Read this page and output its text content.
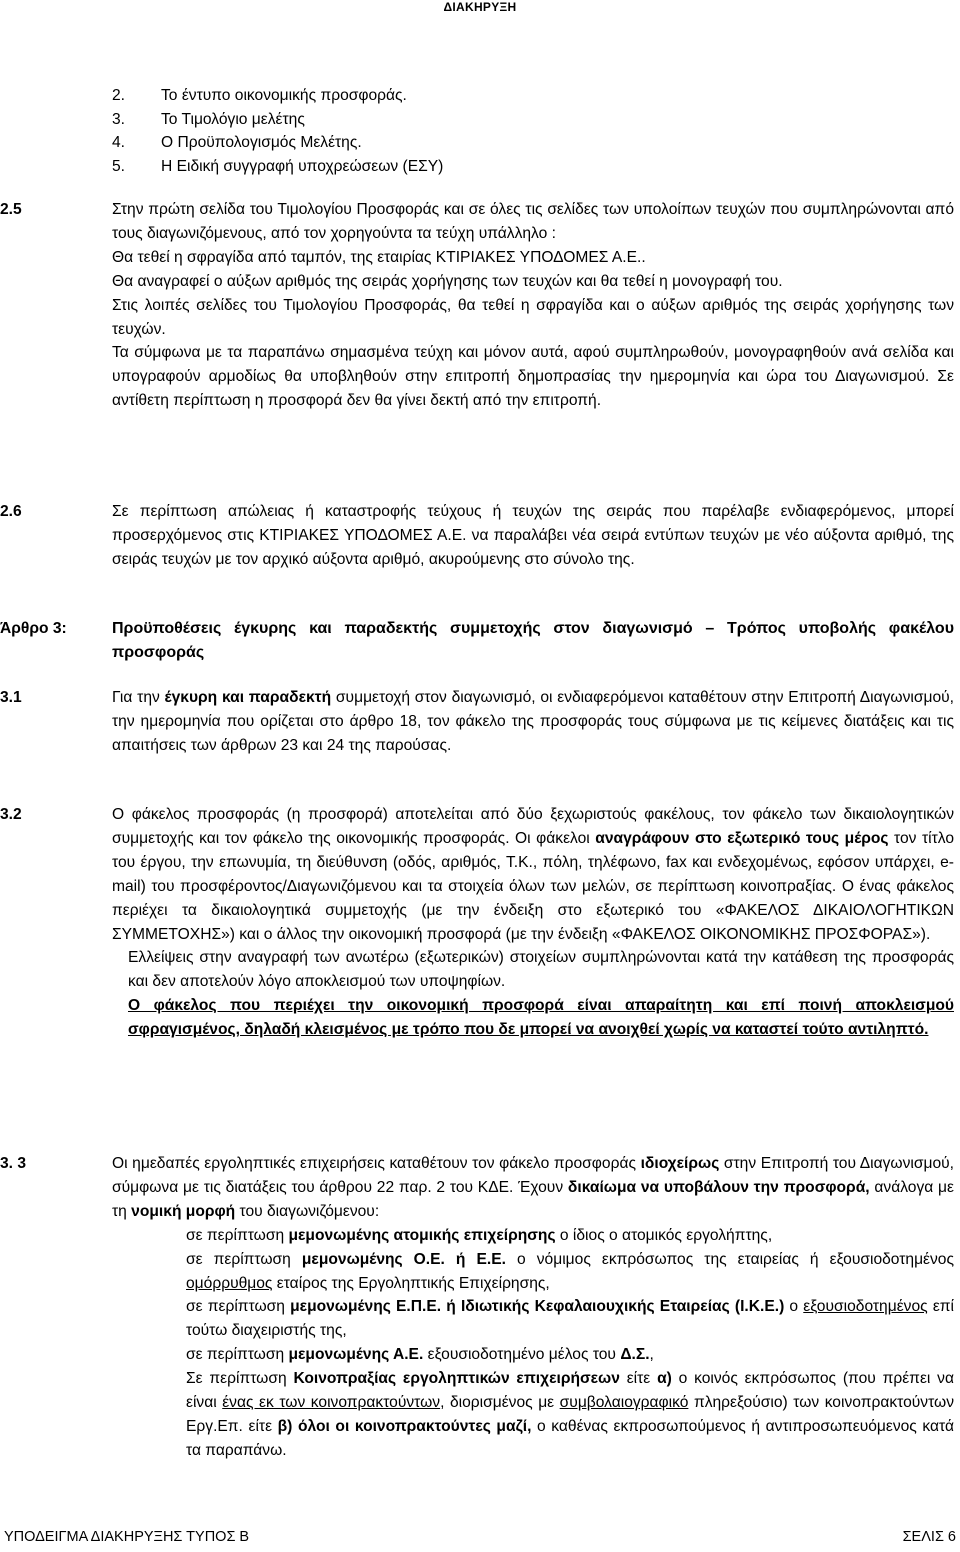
ΔΙΑΚΗΡΥΞΗ
2. Το έντυπο οικονομικής προσφοράς.
3. Το Τιμολόγιο μελέτης
4. Ο Προϋπολογισμός Μελέτης.
5. Η Ειδική συγγραφή υποχρεώσεων (ΕΣΥ)
2.5	Στην πρώτη σελίδα του Τιμολογίου Προσφοράς και σε όλες τις σελίδες των υπολοίπων τευχών που συμπληρώνονται από τους διαγωνιζόμενους, από τον χορηγούντα τα τεύχη υπάλληλο :

Θα τεθεί η σφραγίδα από ταμπόν, της εταιρίας ΚΤΙΡΙΑΚΕΣ ΥΠΟΔΟΜΕΣ Α.Ε..

Θα αναγραφεί ο αύξων αριθμός της σειράς χορήγησης των τευχών και θα τεθεί η μονογραφή του.

Στις λοιπές σελίδες του Τιμολογίου Προσφοράς, θα τεθεί η σφραγίδα και ο αύξων αριθμός της σειράς χορήγησης των τευχών.

Τα σύμφωνα με τα παραπάνω σημασμένα τεύχη και μόνον αυτά, αφού συμπληρωθούν, μονογραφηθούν ανά σελίδα και υπογραφούν αρμοδίως θα υποβληθούν στην επιτροπή δημοπρασίας την ημερομηνία και ώρα του Διαγωνισμού. Σε αντίθετη περίπτωση η προσφορά δεν θα γίνει δεκτή από την επιτροπή.

2.6	Σε περίπτωση απώλειας ή καταστροφής τεύχους ή τευχών της σειράς που παρέλαβε ενδιαφερόμενος, μπορεί προσερχόμενος στις ΚΤΙΡΙΑΚΕΣ ΥΠΟΔΟΜΕΣ Α.Ε. να παραλάβει νέα σειρά εντύπων τευχών με νέο αύξοντα αριθμό, της σειράς τευχών με τον αρχικό αύξοντα αριθμό, ακυρούμενης στο σύνολο της.

Άρθρο 3:	Προϋποθέσεις έγκυρης και παραδεκτής συμμετοχής στον διαγωνισμό – Τρόπος υποβολής φακέλου προσφοράς
3.1	Για την έγκυρη και παραδεκτή συμμετοχή στον διαγωνισμό, οι ενδιαφερόμενοι καταθέτουν στην Επιτροπή Διαγωνισμού, την ημερομηνία που ορίζεται στο άρθρο 18, τον φάκελο της προσφοράς τους σύμφωνα με τις κείμενες διατάξεις και τις απαιτήσεις των άρθρων 23 και 24 της παρούσας.

3.2	Ο φάκελος προσφοράς (η προσφορά) αποτελείται από δύο ξεχωριστούς φακέλους, τον φάκελο των δικαιολογητικών συμμετοχής και τον φάκελο της οικονομικής προσφοράς. Οι φάκελοι αναγράφουν στο εξωτερικό τους μέρος τον τίτλο του έργου, την επωνυμία, τη διεύθυνση (οδός, αριθμός, Τ.Κ., πόλη, τηλέφωνο, fax και ενδεχομένως, εφόσον υπάρχει, e-mail) του προσφέροντος/Διαγωνιζόμενου και τα στοιχεία όλων των μελών, σε περίπτωση κοινοπραξίας. Ο ένας φάκελος περιέχει τα δικαιολογητικά συμμετοχής (με την ένδειξη στο εξωτερικό του «ΦΑΚΕΛΟΣ ΔΙΚΑΙΟΛΟΓΗΤΙΚΩΝ ΣΥΜΜΕΤΟΧΗΣ») και ο άλλος την οικονομική προσφορά (με την ένδειξη «ΦΑΚΕΛΟΣ ΟΙΚΟΝΟΜΙΚΗΣ ΠΡΟΣΦΟΡΑΣ»).

Ελλείψεις στην αναγραφή των ανωτέρω (εξωτερικών) στοιχείων συμπληρώνονται κατά την κατάθεση της προσφοράς και δεν αποτελούν λόγο αποκλεισμού των υποψηφίων.

Ο φάκελος που περιέχει την οικονομική προσφορά είναι απαραίτητη και επί ποινή αποκλεισμού σφραγισμένος, δηλαδή κλεισμένος με τρόπο που δε μπορεί να ανοιχθεί χωρίς να καταστεί τούτο αντιληπτό.

3. 3	Οι ημεδαπές εργοληπτικές επιχειρήσεις καταθέτουν τον φάκελο προσφοράς ιδιοχείρως στην Επιτροπή του Διαγωνισμού, σύμφωνα με τις διατάξεις του άρθρου 22 παρ. 2 του ΚΔΕ. Έχουν δικαίωμα να υποβάλουν την προσφορά, ανάλογα με τη νομική μορφή του διαγωνιζόμενου:

σε περίπτωση μεμονωμένης ατομικής επιχείρησης ο ίδιος ο ατομικός εργολήπτης,

σε περίπτωση μεμονωμένης Ο.Ε. ή Ε.Ε. ο νόμιμος εκπρόσωπος της εταιρείας ή εξουσιοδοτημένος ομόρρυθμος εταίρος της Εργοληπτικής Επιχείρησης,

σε περίπτωση μεμονωμένης Ε.Π.Ε. ή Ιδιωτικής Κεφαλαιουχικής Εταιρείας (Ι.Κ.Ε.) ο εξουσιοδοτημένος επί τούτω διαχειριστής της,

σε περίπτωση μεμονωμένης Α.Ε. εξουσιοδοτημένο μέλος του Δ.Σ.,

Σε περίπτωση Κοινοπραξίας εργοληπτικών επιχειρήσεων είτε α) ο κοινός εκπρόσωπος (που πρέπει να είναι ένας εκ των κοινοπρακτούντων, διορισμένος με συμβολαιογραφικό πληρεξούσιο) των κοινοπρακτούντων Εργ.Επ. είτε β) όλοι οι κοινοπρακτούντες μαζί, ο καθένας εκπροσωπούμενος ή αντιπροσωπευόμενος κατά τα παραπάνω.

ΥΠΟΔΕΙΓΜΑ ΔΙΑΚΗΡΥΞΗΣ ΤΥΠΟΣ Β	ΣΕΛΙΣ 6
